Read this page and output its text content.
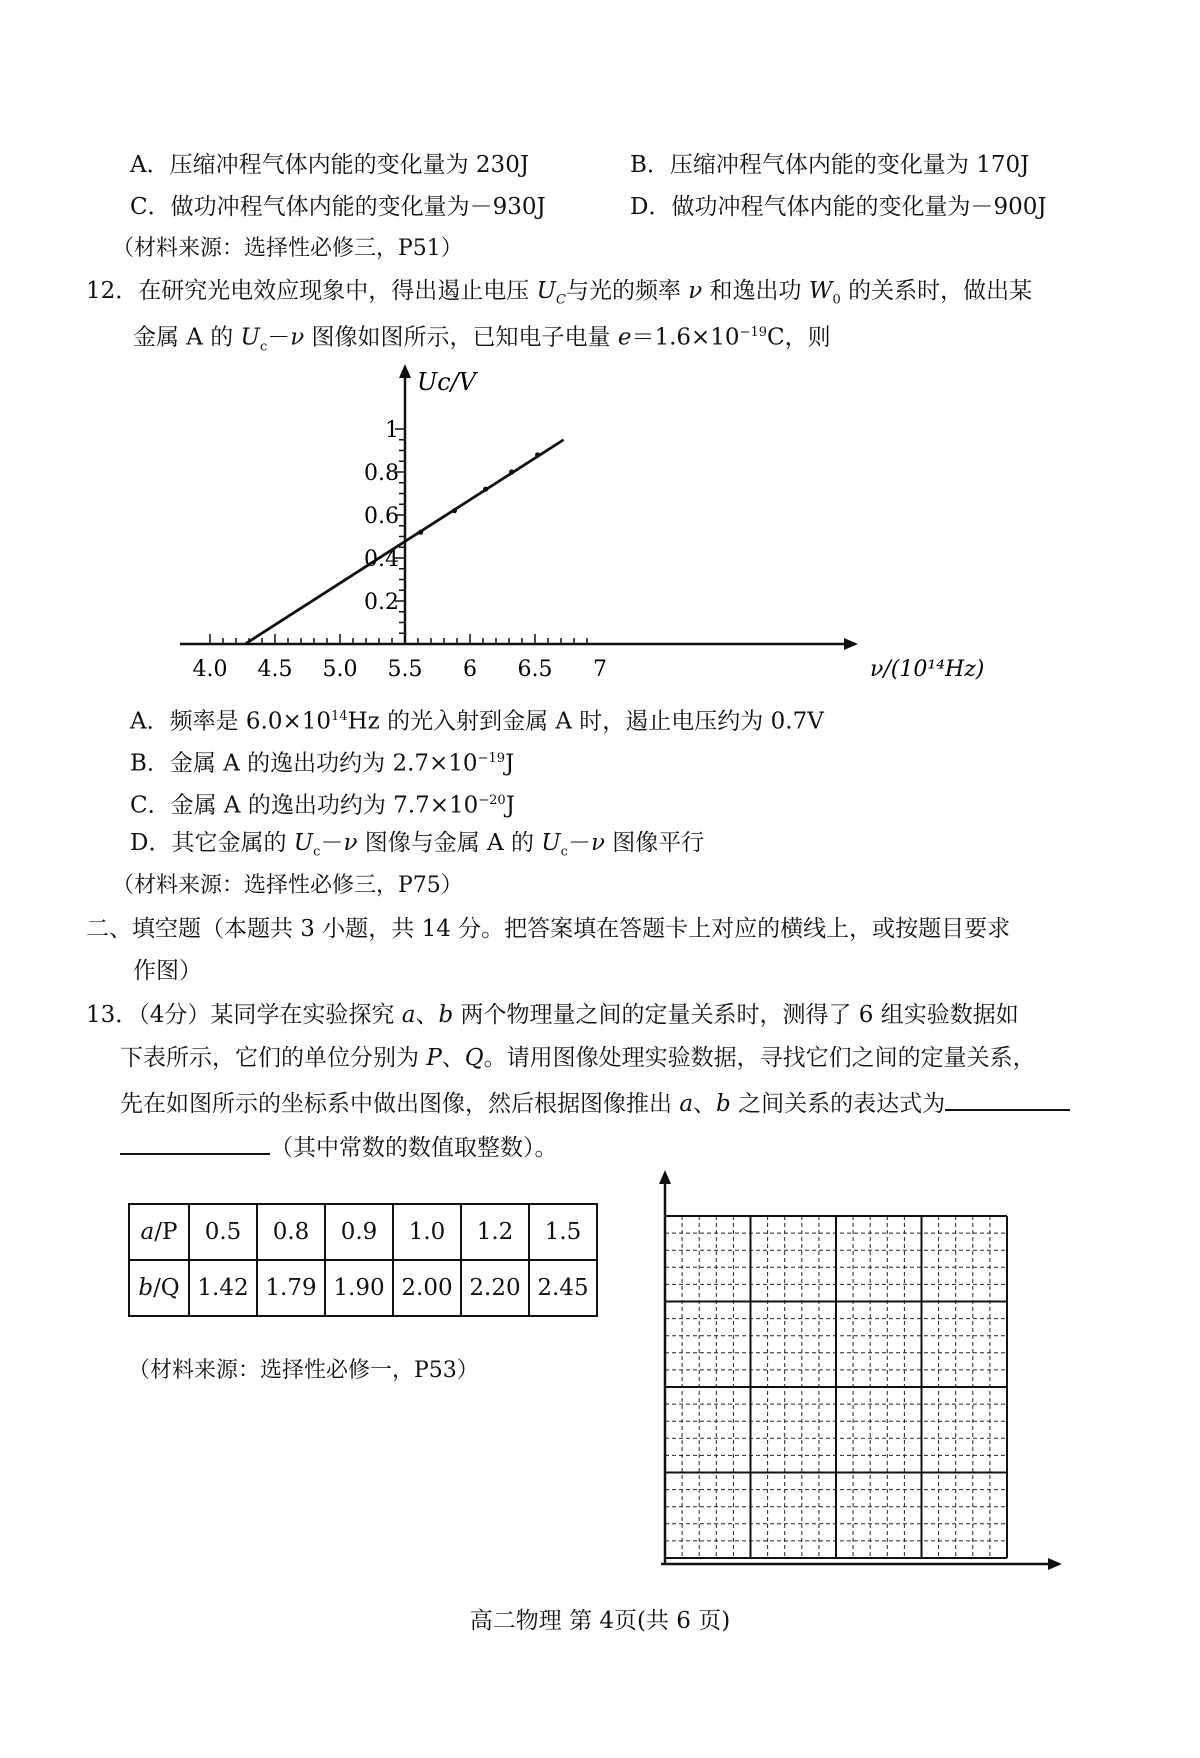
A．压缩冲程气体内能的变化量为 230J	B．压缩冲程气体内能的变化量为 170J
C．做功冲程气体内能的变化量为－930J	D．做功冲程气体内能的变化量为－900J
（材料来源：选择性必修三，P51）
12．在研究光电效应现象中，得出遏止电压 $U_C$与光的频率 ν 和逸出功 $W_0$ 的关系时，做出某
金属 A 的 $U_c-\nu$ 图像如图所示，已知电子电量 $e=1.6\times 10^{-19}C$，则
4.0 4.5 5.0 5.5 6 6.5 7
0.2
0.4
0.6
0.8
1
Uc/V
ν/(10¹⁴Hz)
A．频率是 $6.0\times 10^{14}Hz$ 的光入射到金属 A 时，遏止电压约为 0.7V
B．金属 A 的逸出功约为 $2.7\times 10^{-19}J$
C．金属 A 的逸出功约为 $7.7\times 10^{-20}J$
D．其它金属的 $U_c-\nu$ 图像与金属 A 的 $U_c-\nu$ 图像平行
（材料来源：选择性必修三，P75）
二、填空题（本题共 3 小题，共 14 分。把答案填在答题卡上对应的横线上，或按题目要求
作图）
13．（4分）某同学在实验探究 a、b 两个物理量之间的定量关系时，测得了 6 组实验数据如
下表所示，它们的单位分别为 P、Q。请用图像处理实验数据，寻找它们之间的定量关系，
先在如图所示的坐标系中做出图像，然后根据图像推出 a、b 之间关系的表达式为
（其中常数的数值取整数）。
a/P	0.5	0.8	0.9	1.0	1.2	1.5
b/Q	1.42	1.79	1.90	2.00	2.20	2.45
（材料来源：选择性必修一，P53）
高二物理 第 4页(共 6 页)
